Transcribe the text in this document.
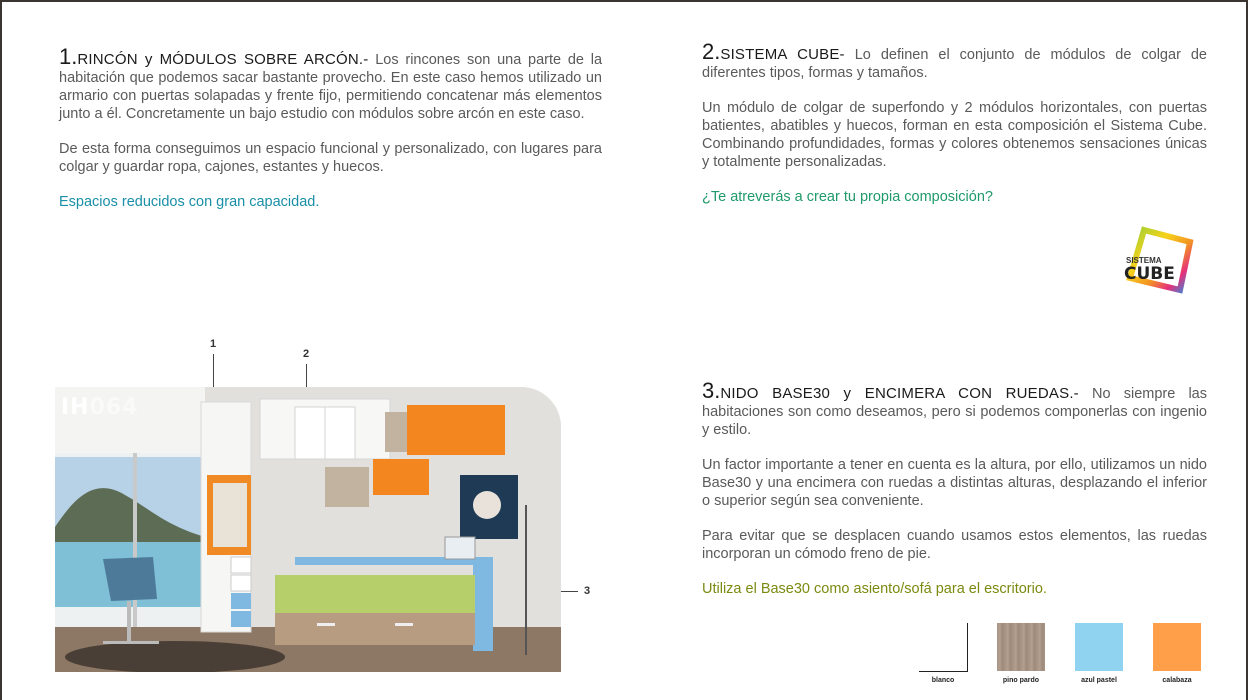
1.RINCÓN y MÓDULOS SOBRE ARCÓN.- Los rincones son una parte de la habitación que podemos sacar bastante provecho. En este caso hemos utilizado un armario con puertas solapadas y frente fijo, permitiendo concatenar más elementos junto a él. Concretamente un bajo estudio con módulos sobre arcón en este caso.

De esta forma conseguimos un espacio funcional y personalizado, con lugares para colgar y guardar ropa, cajones, estantes y huecos.

Espacios reducidos con gran capacidad.

2.SISTEMA CUBE- Lo definen el conjunto de módulos de colgar de diferentes tipos, formas y tamaños.

Un módulo de colgar de superfondo y 2 módulos horizontales, con puertas batientes, abatibles y huecos, forman en esta composición el Sistema Cube. Combinando profundidades, formas y colores obtenemos sensaciones únicas y totalmente personalizadas.

¿Te atreverás a crear tu propia composición?

SISTEMA
CUBE

3.NIDO BASE30 y ENCIMERA CON RUEDAS.- No siempre las habitaciones son como deseamos, pero si podemos componerlas con ingenio y estilo.

Un factor importante a tener en cuenta es la altura, por ello, utilizamos un nido Base30 y una encimera con ruedas a distintas alturas, desplazando el inferior o superior según sea conveniente.

Para evitar que se desplacen cuando usamos estos elementos, las ruedas incorporan un cómodo freno de pie.

Utiliza el Base30 como asiento/sofá para el escritorio.

1
2
3
IH064
blanco	pino pardo	azul pastel	calabaza
